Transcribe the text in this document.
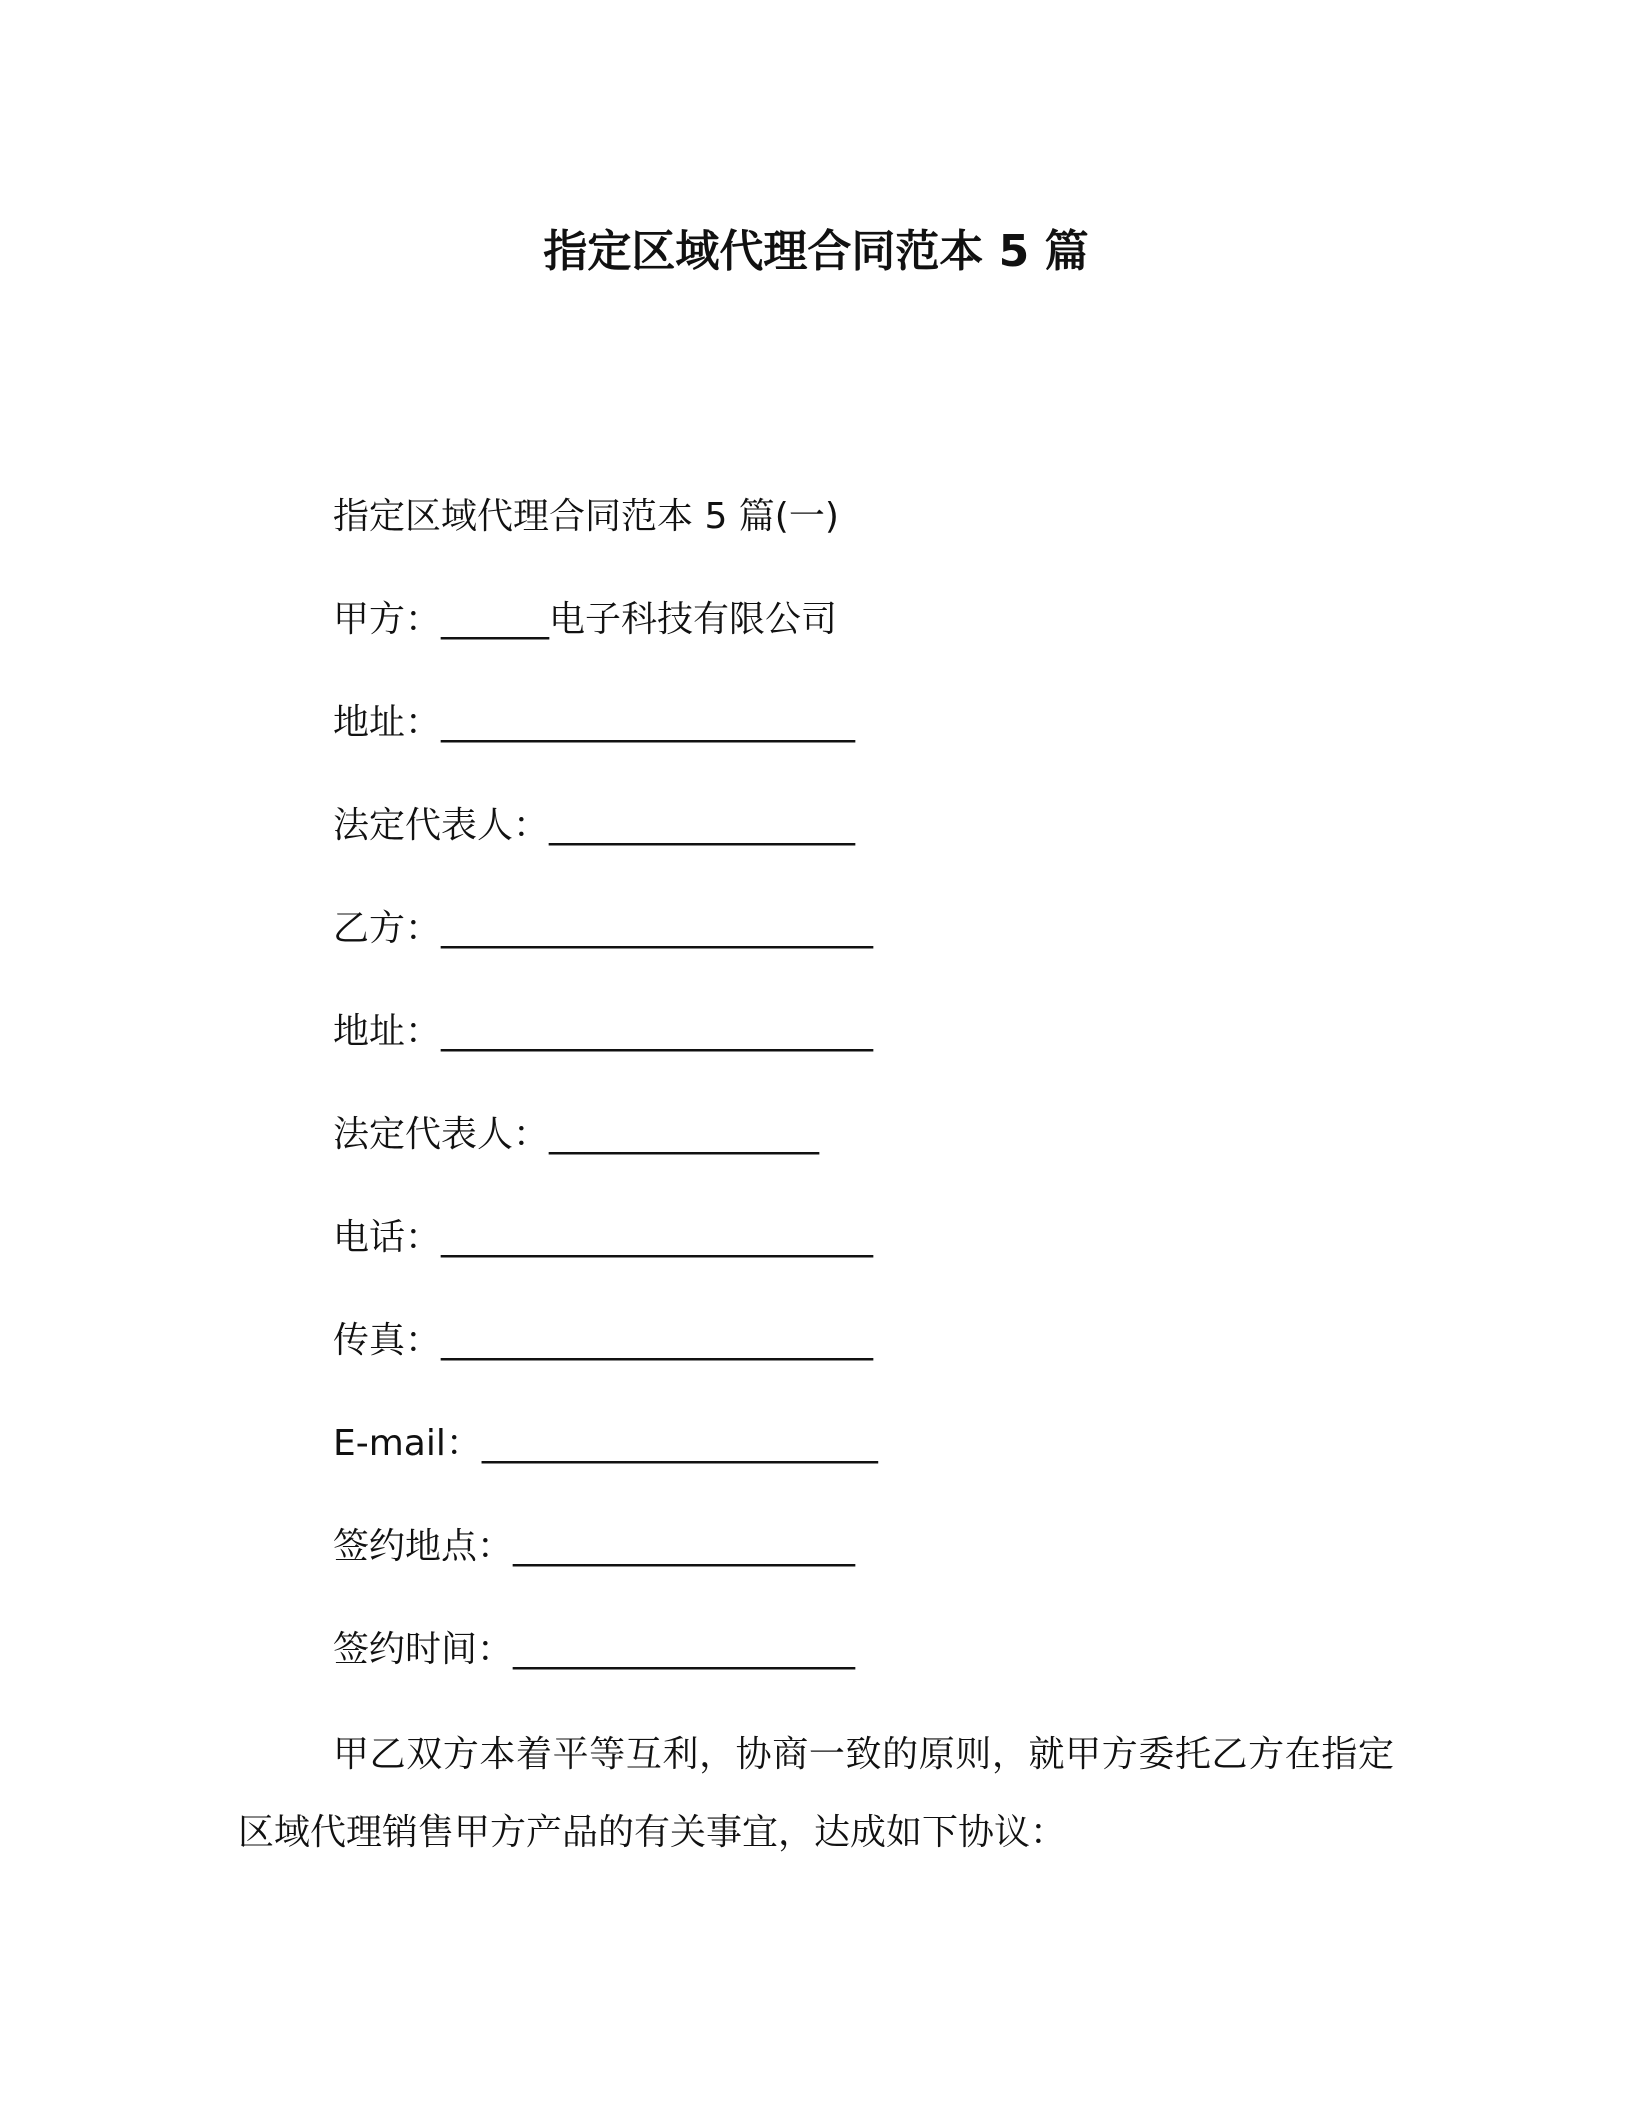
指定区域代理合同范本 5 篇
指定区域代理合同范本 5 篇(一)
甲方：______电子科技有限公司
地址：_______________________
法定代表人：_________________
乙方：________________________
地址：________________________
法定代表人：_______________
电话：________________________
传真：________________________
E-mail：______________________
签约地点：___________________
签约时间：___________________
甲乙双方本着平等互利，协商一致的原则，就甲方委托乙方在指定区域代理销售甲方产品的有关事宜，达成如下协议：
